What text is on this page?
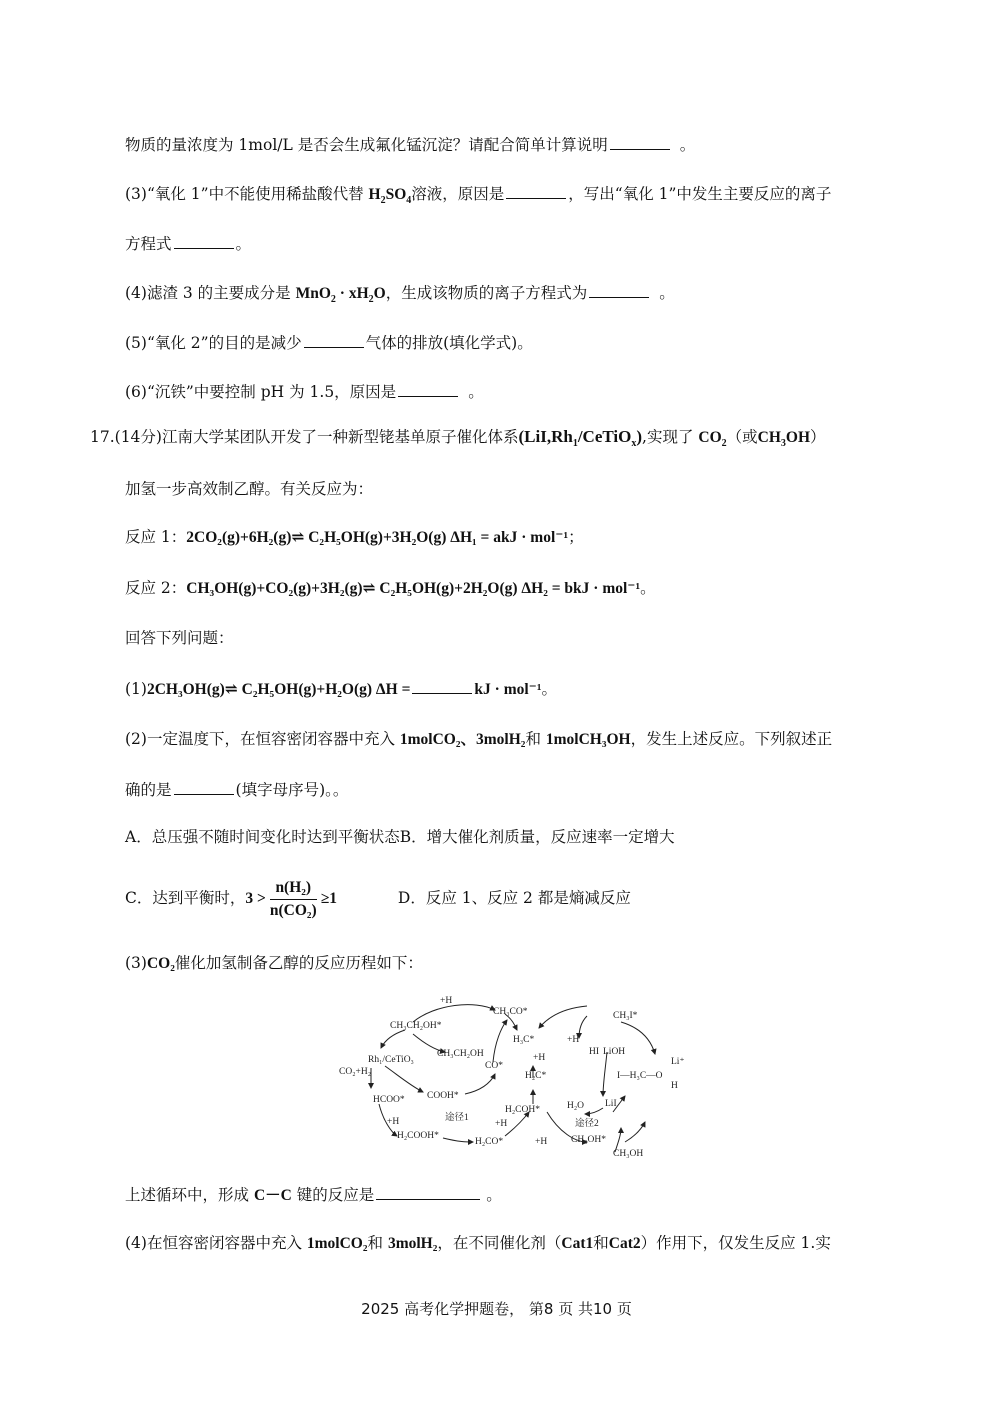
物质的量浓度为 1mol/L 是否会生成氟化锰沉淀？请配合简单计算说明	。
(3)“氧化 1”中不能使用稀盐酸代替 $H_2SO_4$溶液，原因是	，写出“氧化 1”中发生主要反应的离子
方程式	。
(4)滤渣 3 的主要成分是 $MnO_2 \cdot xH_2O$，生成该物质的离子方程式为	。
(5)“氧化 2”的目的是减少	气体的排放(填化学式)。
(6)“沉铁”中要控制 pH 为 1.5，原因是	。
17.(14分)江南大学某团队开发了一种新型铑基单原子催化体系$(LiI,Rh_1/CeTiO_x)$,实现了 $CO_2$（或$CH_3OH$）
加氢一步高效制乙醇。有关反应为：
反应 1：2CO₂(g)+6H₂(g)⇌ C₂H₅OH(g)+3H₂O(g) ΔH₁ = akJ · mol⁻¹；
反应 2：CH₃OH(g)+CO₂(g)+3H₂(g)⇌ C₂H₅OH(g)+2H₂O(g) ΔH₂ = bkJ · mol⁻¹。
回答下列问题：
(1)2CH₃OH(g)⇌ C₂H₅OH(g)+H₂O(g) ΔH =	kJ · mol⁻¹。
(2)一定温度下，在恒容密闭容器中充入 1molCO₂、3molH₂和 1molCH₃OH，发生上述反应。下列叙述正
确的是	(填字母序号)。。
A．总压强不随时间变化时达到平衡状态B．增大催化剂质量，反应速率一定增大
C．达到平衡时，$3 > \frac{\text{n(H₂)}}{\text{n(CO₂)}} \ge 1$	D．反应 1、反应 2 都是熵减反应
(3)CO₂催化加氢制备乙醇的反应历程如下：
+H
CH₃CO*
CH₃CH₂OH*
CH₃I*
Rh₁/CeTiO₃
CH₃CH₂OH
H₃C*	+H
HI LiOH
CO₂+H₂
CO*
+H	Li⁺
I—H₃C—O
H
COOH*
H₂C*
HCOO*
H₂O LiI
H₂COH*
途径1
途径2
+H	+H
H₂COOH*
H₂CO*	+H	CH₃OH*
CH₃OH
上述循环中，形成 C－C 键的反应是	。
(4)在恒容密闭容器中充入 1molCO₂和 3molH₂，在不同催化剂（Cat1和Cat2）作用下，仅发生反应 1.实
2025 高考化学押题卷， 第8 页 共10 页
